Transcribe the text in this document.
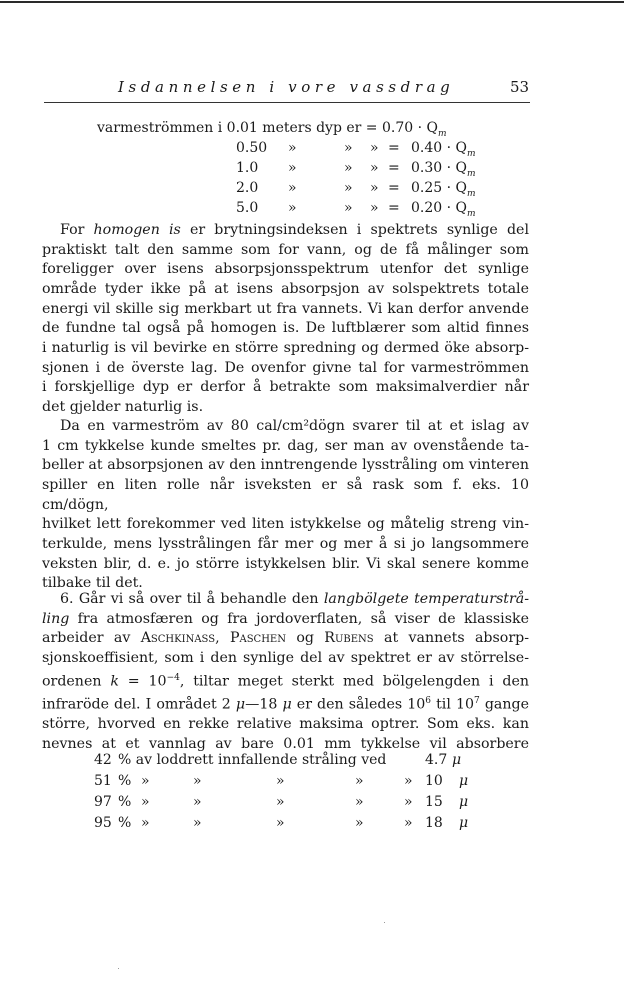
Isdannelsen i vore vassdrag	53
varmeströmmen i 0.01 meters dyp er = $0.70 \cdot Q_m$
0.50 »	» » = $0.40 \cdot Q_m$
1.0 »	» » = $0.30 \cdot Q_m$
2.0 »	» » = $0.25 \cdot Q_m$
5.0 »	» » = $0.20 \cdot Q_m$

For homogen is er brytningsindeksen i spektrets synlige del

praktiskt talt den samme som for vann, og de få målinger som

foreligger over isens absorpsjonsspektrum utenfor det synlige

område tyder ikke på at isens absorpsjon av solspektrets totale

energi vil skille sig merkbart ut fra vannets. Vi kan derfor anvende

de fundne tal også på homogen is. De luftblærer som altid finnes

i naturlig is vil bevirke en större spredning og dermed öke absorp-

sjonen i de överste lag. De ovenfor givne tal for varmeströmmen

i forskjellige dyp er derfor å betrakte som maksimalverdier når

det gjelder naturlig is.

Da en varmeström av 80 cal/cm²dögn svarer til at et islag av

1 cm tykkelse kunde smeltes pr. dag, ser man av ovenstående ta-

beller at absorpsjonen av den inntrengende lysstråling om vinteren

spiller en liten rolle når isveksten er så rask som f. eks. 10 cm/dögn,

hvilket lett forekommer ved liten istykkelse og måtelig streng vin-

terkulde, mens lysstrålingen får mer og mer å si jo langsommere

veksten blir, d. e. jo större istykkelsen blir. Vi skal senere komme

tilbake til det.

6. Går vi så over til å behandle den langbölgete temperaturstrå-

ling fra atmosfæren og fra jordoverflaten, så viser de klassiske

arbeider av Aschkinass, Paschen og Rubens at vannets absorp-

sjonskoeffisient, som i den synlige del av spektret er av störrelse-

ordenen $k = 10^{-4}$, tiltar meget sterkt med bölgelengden i den

infraröde del. I området 2 μ—18 μ er den således $10^6$ til $10^7$ gange

större, hvorved en rekke relative maksima optrer. Som eks. kan

nevnes at et vannlag av bare 0.01 mm tykkelse vil absorbere

42 % av loddrett innfallende stråling ved	4.7 μ
51 % »	»	»	»	» 10 μ
97 % »	»	»	»	» 15 μ
95 % »	»	»	»	» 18 μ
